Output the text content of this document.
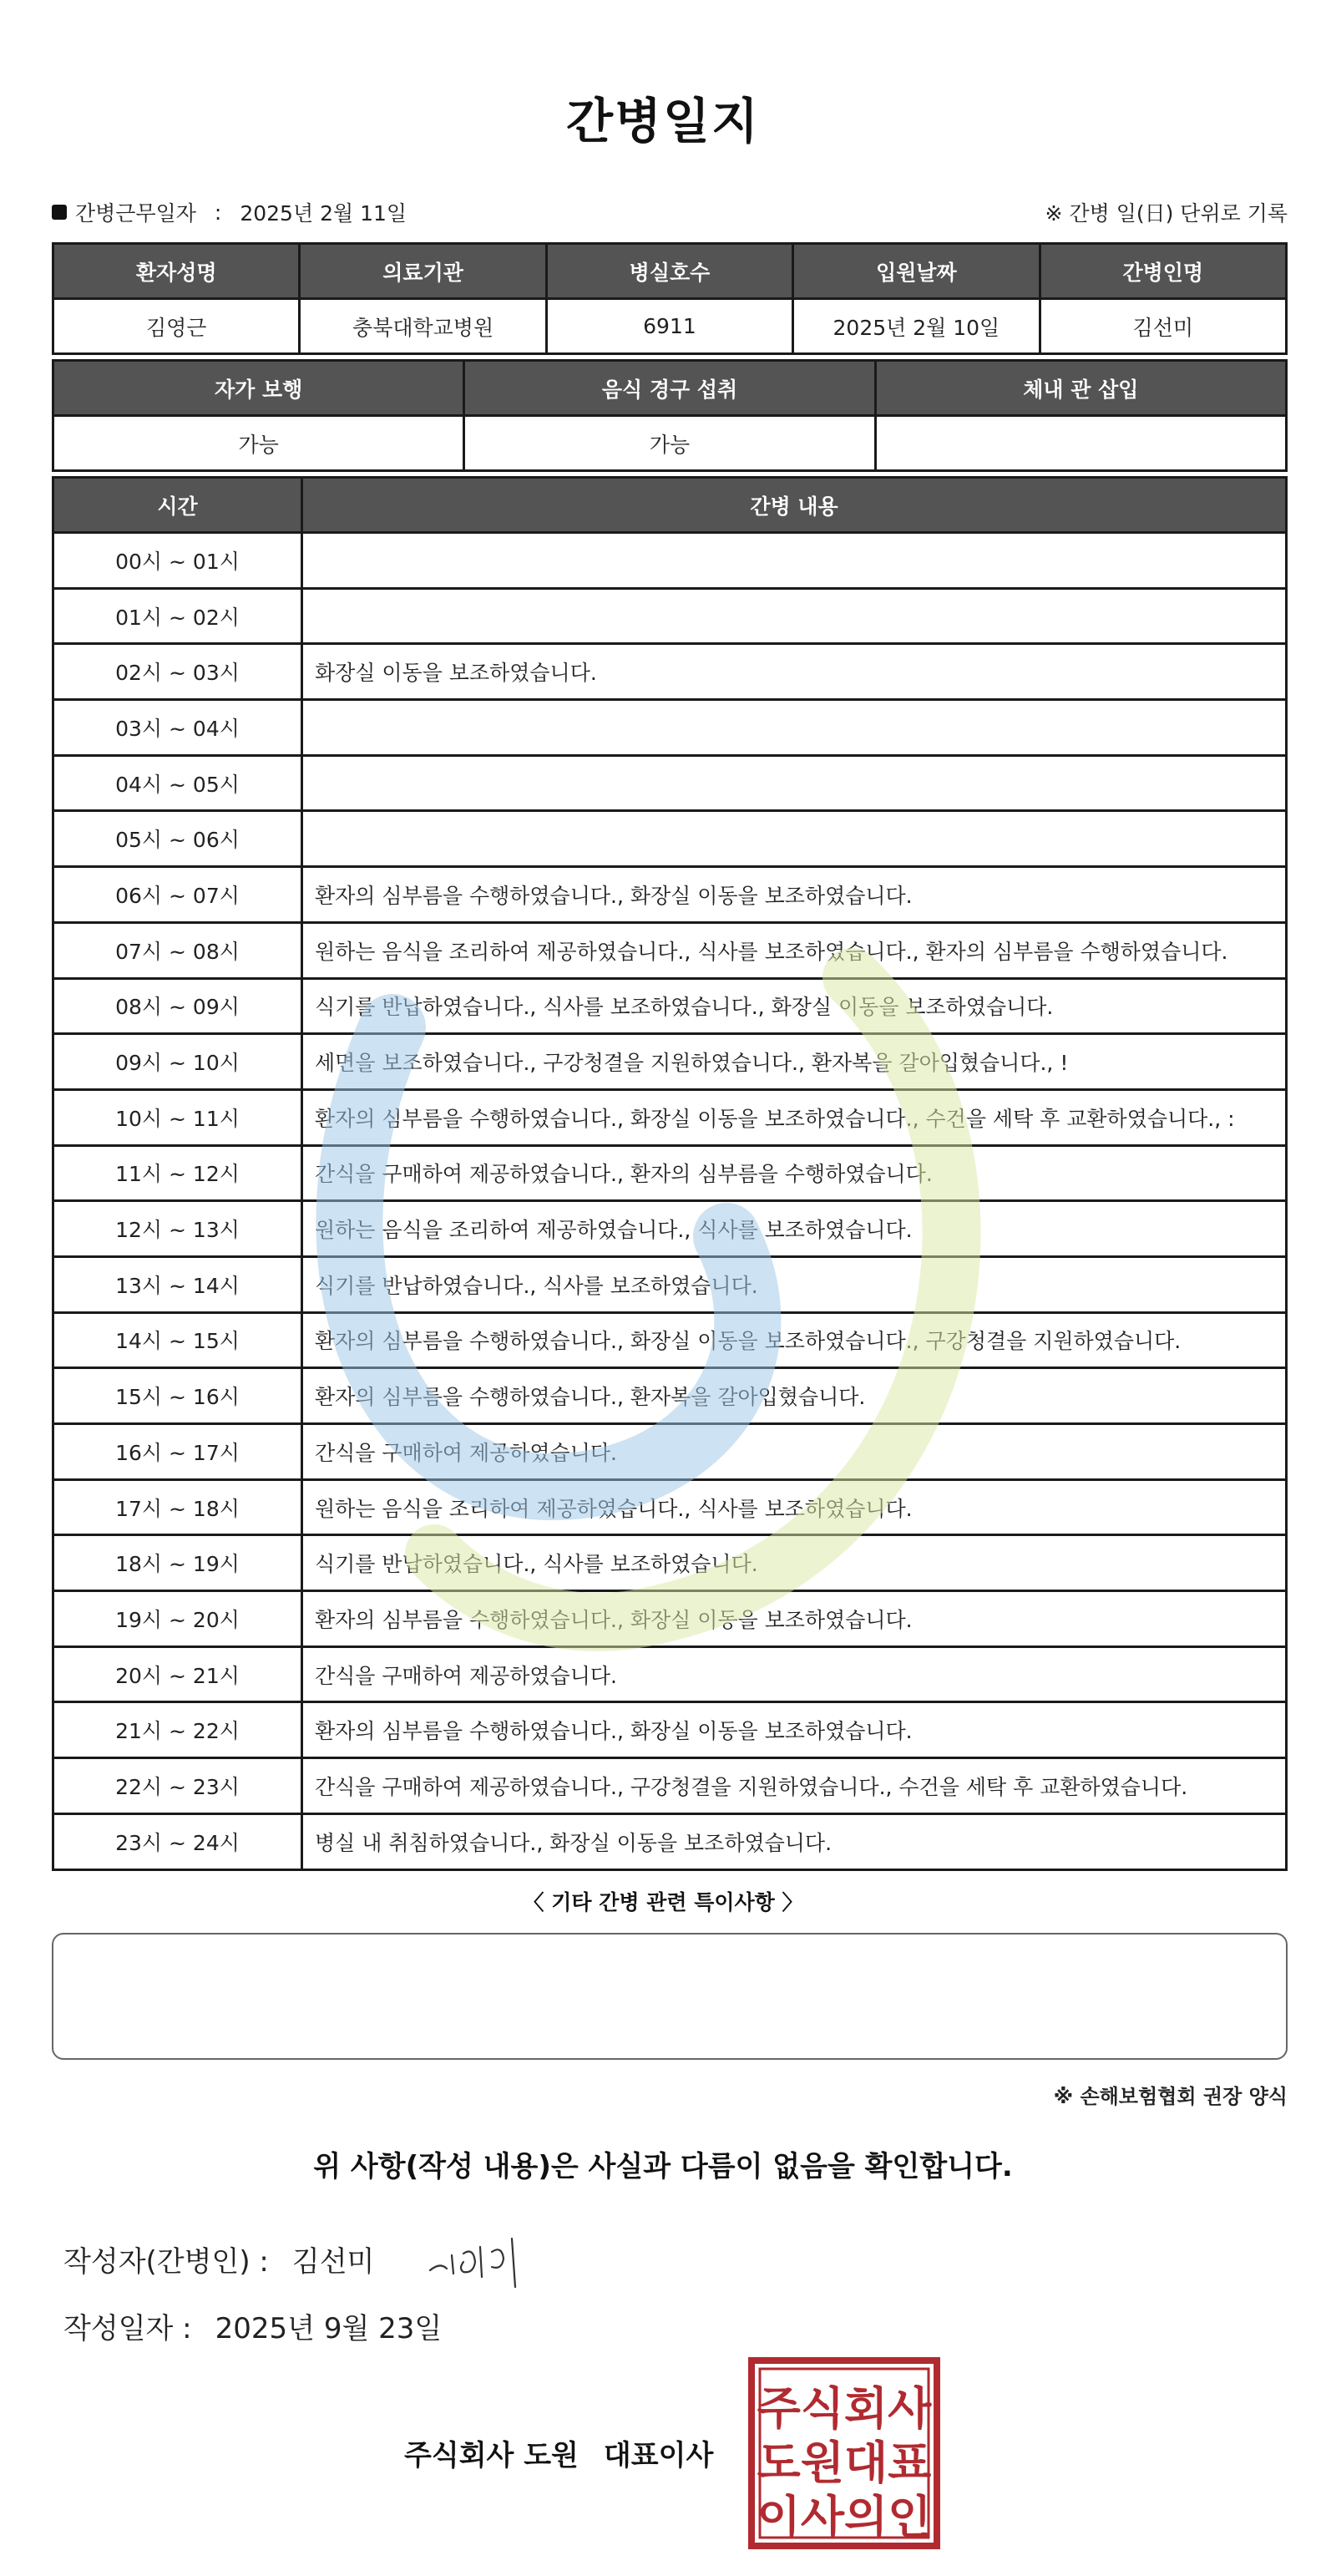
간병일지
간병근무일자 : 2025년 2월 11일	※ 간병 일(日) 단위로 기록
환자성명	의료기관	병실호수	입원날짜	간병인명
김영근	충북대학교병원	6911	2025년 2월 10일	김선미
자가 보행	음식 경구 섭취	체내 관 삽입
가능	가능	
시간	간병 내용
00시 ~ 01시	
01시 ~ 02시	
02시 ~ 03시	화장실 이동을 보조하였습니다.
03시 ~ 04시	
04시 ~ 05시	
05시 ~ 06시	
06시 ~ 07시	환자의 심부름을 수행하였습니다., 화장실 이동을 보조하였습니다.
07시 ~ 08시	원하는 음식을 조리하여 제공하였습니다., 식사를 보조하였습니다., 환자의 심부름을 수행하였습니다.
08시 ~ 09시	식기를 반납하였습니다., 식사를 보조하였습니다., 화장실 이동을 보조하였습니다.
09시 ~ 10시	세면을 보조하였습니다., 구강청결을 지원하였습니다., 환자복을 갈아입혔습니다., !
10시 ~ 11시	환자의 심부름을 수행하였습니다., 화장실 이동을 보조하였습니다., 수건을 세탁 후 교환하였습니다., :
11시 ~ 12시	간식을 구매하여 제공하였습니다., 환자의 심부름을 수행하였습니다.
12시 ~ 13시	원하는 음식을 조리하여 제공하였습니다., 식사를 보조하였습니다.
13시 ~ 14시	식기를 반납하였습니다., 식사를 보조하였습니다.
14시 ~ 15시	환자의 심부름을 수행하였습니다., 화장실 이동을 보조하였습니다., 구강청결을 지원하였습니다.
15시 ~ 16시	환자의 심부름을 수행하였습니다., 환자복을 갈아입혔습니다.
16시 ~ 17시	간식을 구매하여 제공하였습니다.
17시 ~ 18시	원하는 음식을 조리하여 제공하였습니다., 식사를 보조하였습니다.
18시 ~ 19시	식기를 반납하였습니다., 식사를 보조하였습니다.
19시 ~ 20시	환자의 심부름을 수행하였습니다., 화장실 이동을 보조하였습니다.
20시 ~ 21시	간식을 구매하여 제공하였습니다.
21시 ~ 22시	환자의 심부름을 수행하였습니다., 화장실 이동을 보조하였습니다.
22시 ~ 23시	간식을 구매하여 제공하였습니다., 구강청결을 지원하였습니다., 수건을 세탁 후 교환하였습니다.
23시 ~ 24시	병실 내 취침하였습니다., 화장실 이동을 보조하였습니다.
〈 기타 간병 관련 특이사항 〉
※ 손해보험협회 권장 양식
위 사항(작성 내용)은 사실과 다름이 없음을 확인합니다.
작성자(간병인) : 김선미
작성일자 : 2025년 9월 23일
주식회사 도원 대표이사
주식회사
도원대표
이사의인
